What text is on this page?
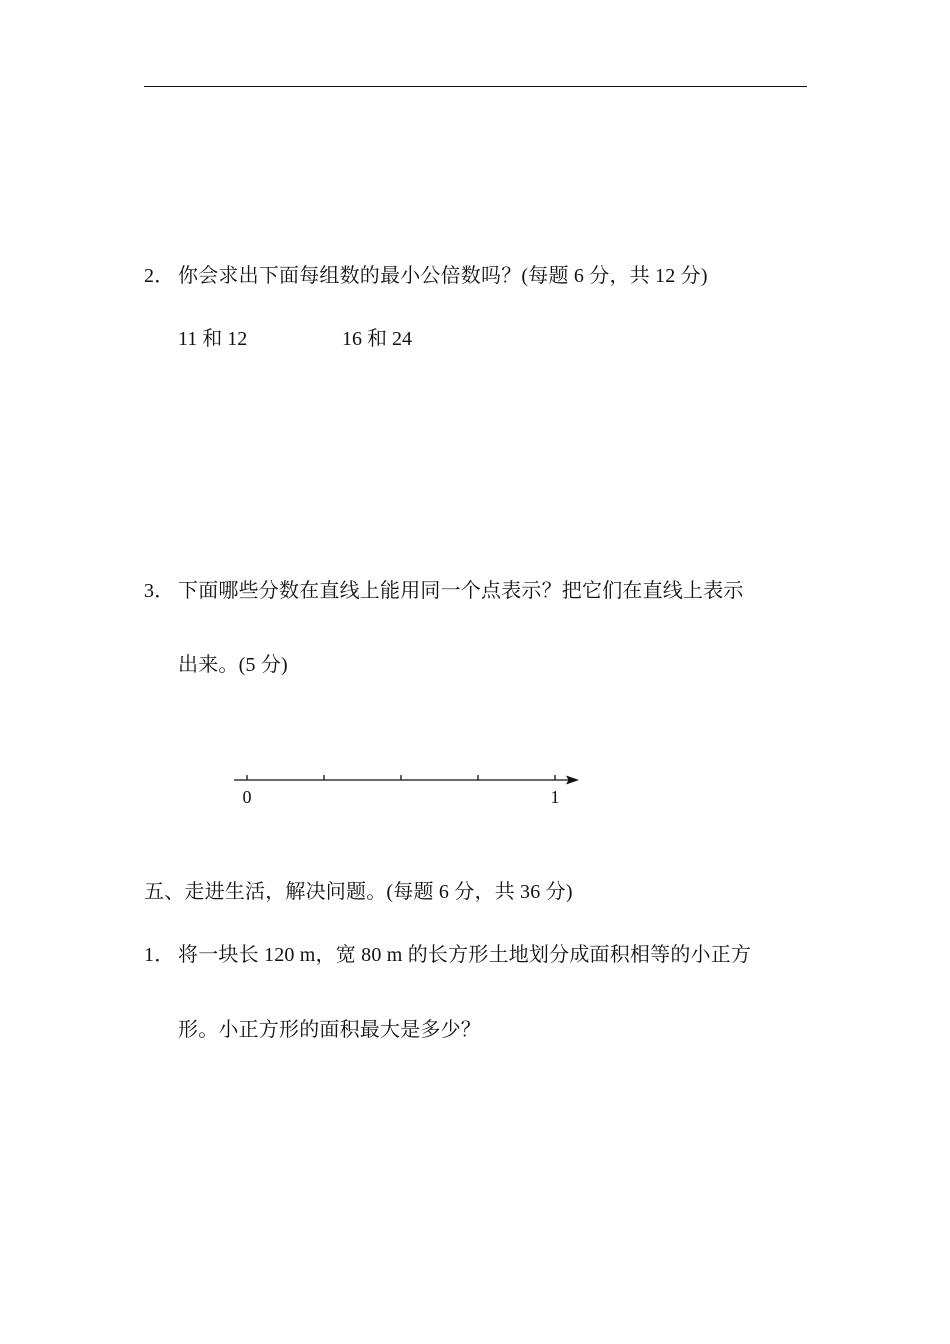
2． 你会求出下面每组数的最小公倍数吗？(每题 6 分，共 12 分)
11 和 12	16 和 24
3． 下面哪些分数在直线上能用同一个点表示？把它们在直线上表示
出来。(5 分)
0	1
五、走进生活，解决问题。(每题 6 分，共 36 分)
1． 将一块长 120 m，宽 80 m 的长方形土地划分成面积相等的小正方
形。小正方形的面积最大是多少？
